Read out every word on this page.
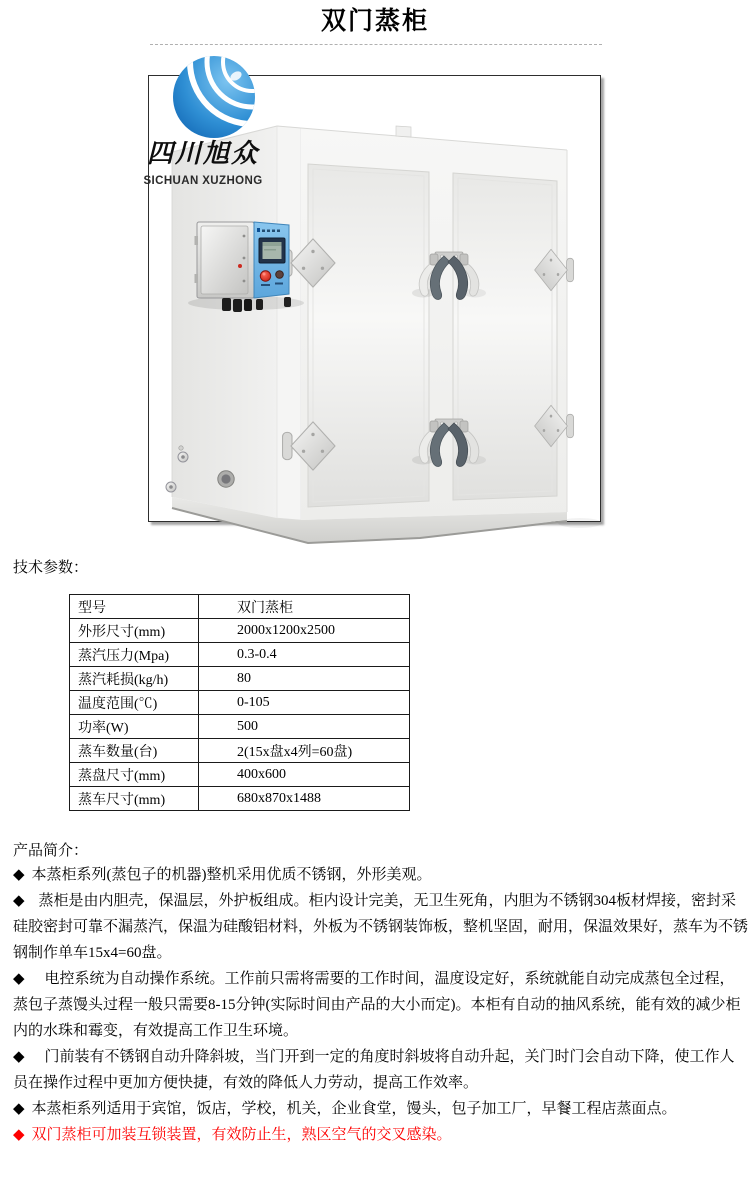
双门蒸柜
四川旭众
SICHUAN XUZHONG
技术参数：
型号	双门蒸柜
外形尺寸(mm)	2000x1200x2500
蒸汽压力(Mpa)	0.3-0.4
蒸汽耗损(kg/h)	80
温度范围(℃)	0-105
功率(W)	500
蒸车数量(台)	2(15x盘x4列=60盘)
蒸盘尺寸(mm)	400x600
蒸车尺寸(mm)	680x870x1488
产品简介：

◆ 本蒸柜系列(蒸包子的机器)整机采用优质不锈钢，外形美观。

◆ 蒸柜是由内胆壳，保温层，外护板组成。柜内设计完美，无卫生死角，内胆为不锈钢304板材焊接，密封采硅胶密封可靠不漏蒸汽，保温为硅酸铝材料，外板为不锈钢装饰板，整机坚固，耐用，保温效果好，蒸车为不锈钢制作单车15x4=60盘。

◆ 电控系统为自动操作系统。工作前只需将需要的工作时间，温度设定好，系统就能自动完成蒸包全过程，蒸包子蒸馒头过程一般只需要8-15分钟(实际时间由产品的大小而定)。本柜有自动的抽风系统，能有效的减少柜内的水珠和霉变，有效提高工作卫生环境。

◆ 门前装有不锈钢自动升降斜坡，当门开到一定的角度时斜坡将自动升起，关门时门会自动下降，使工作人员在操作过程中更加方便快捷，有效的降低人力劳动，提高工作效率。

◆ 本蒸柜系列适用于宾馆，饭店，学校，机关，企业食堂，馒头，包子加工厂，早餐工程店蒸面点。

◆ 双门蒸柜可加装互锁装置，有效防止生，熟区空气的交叉感染。
